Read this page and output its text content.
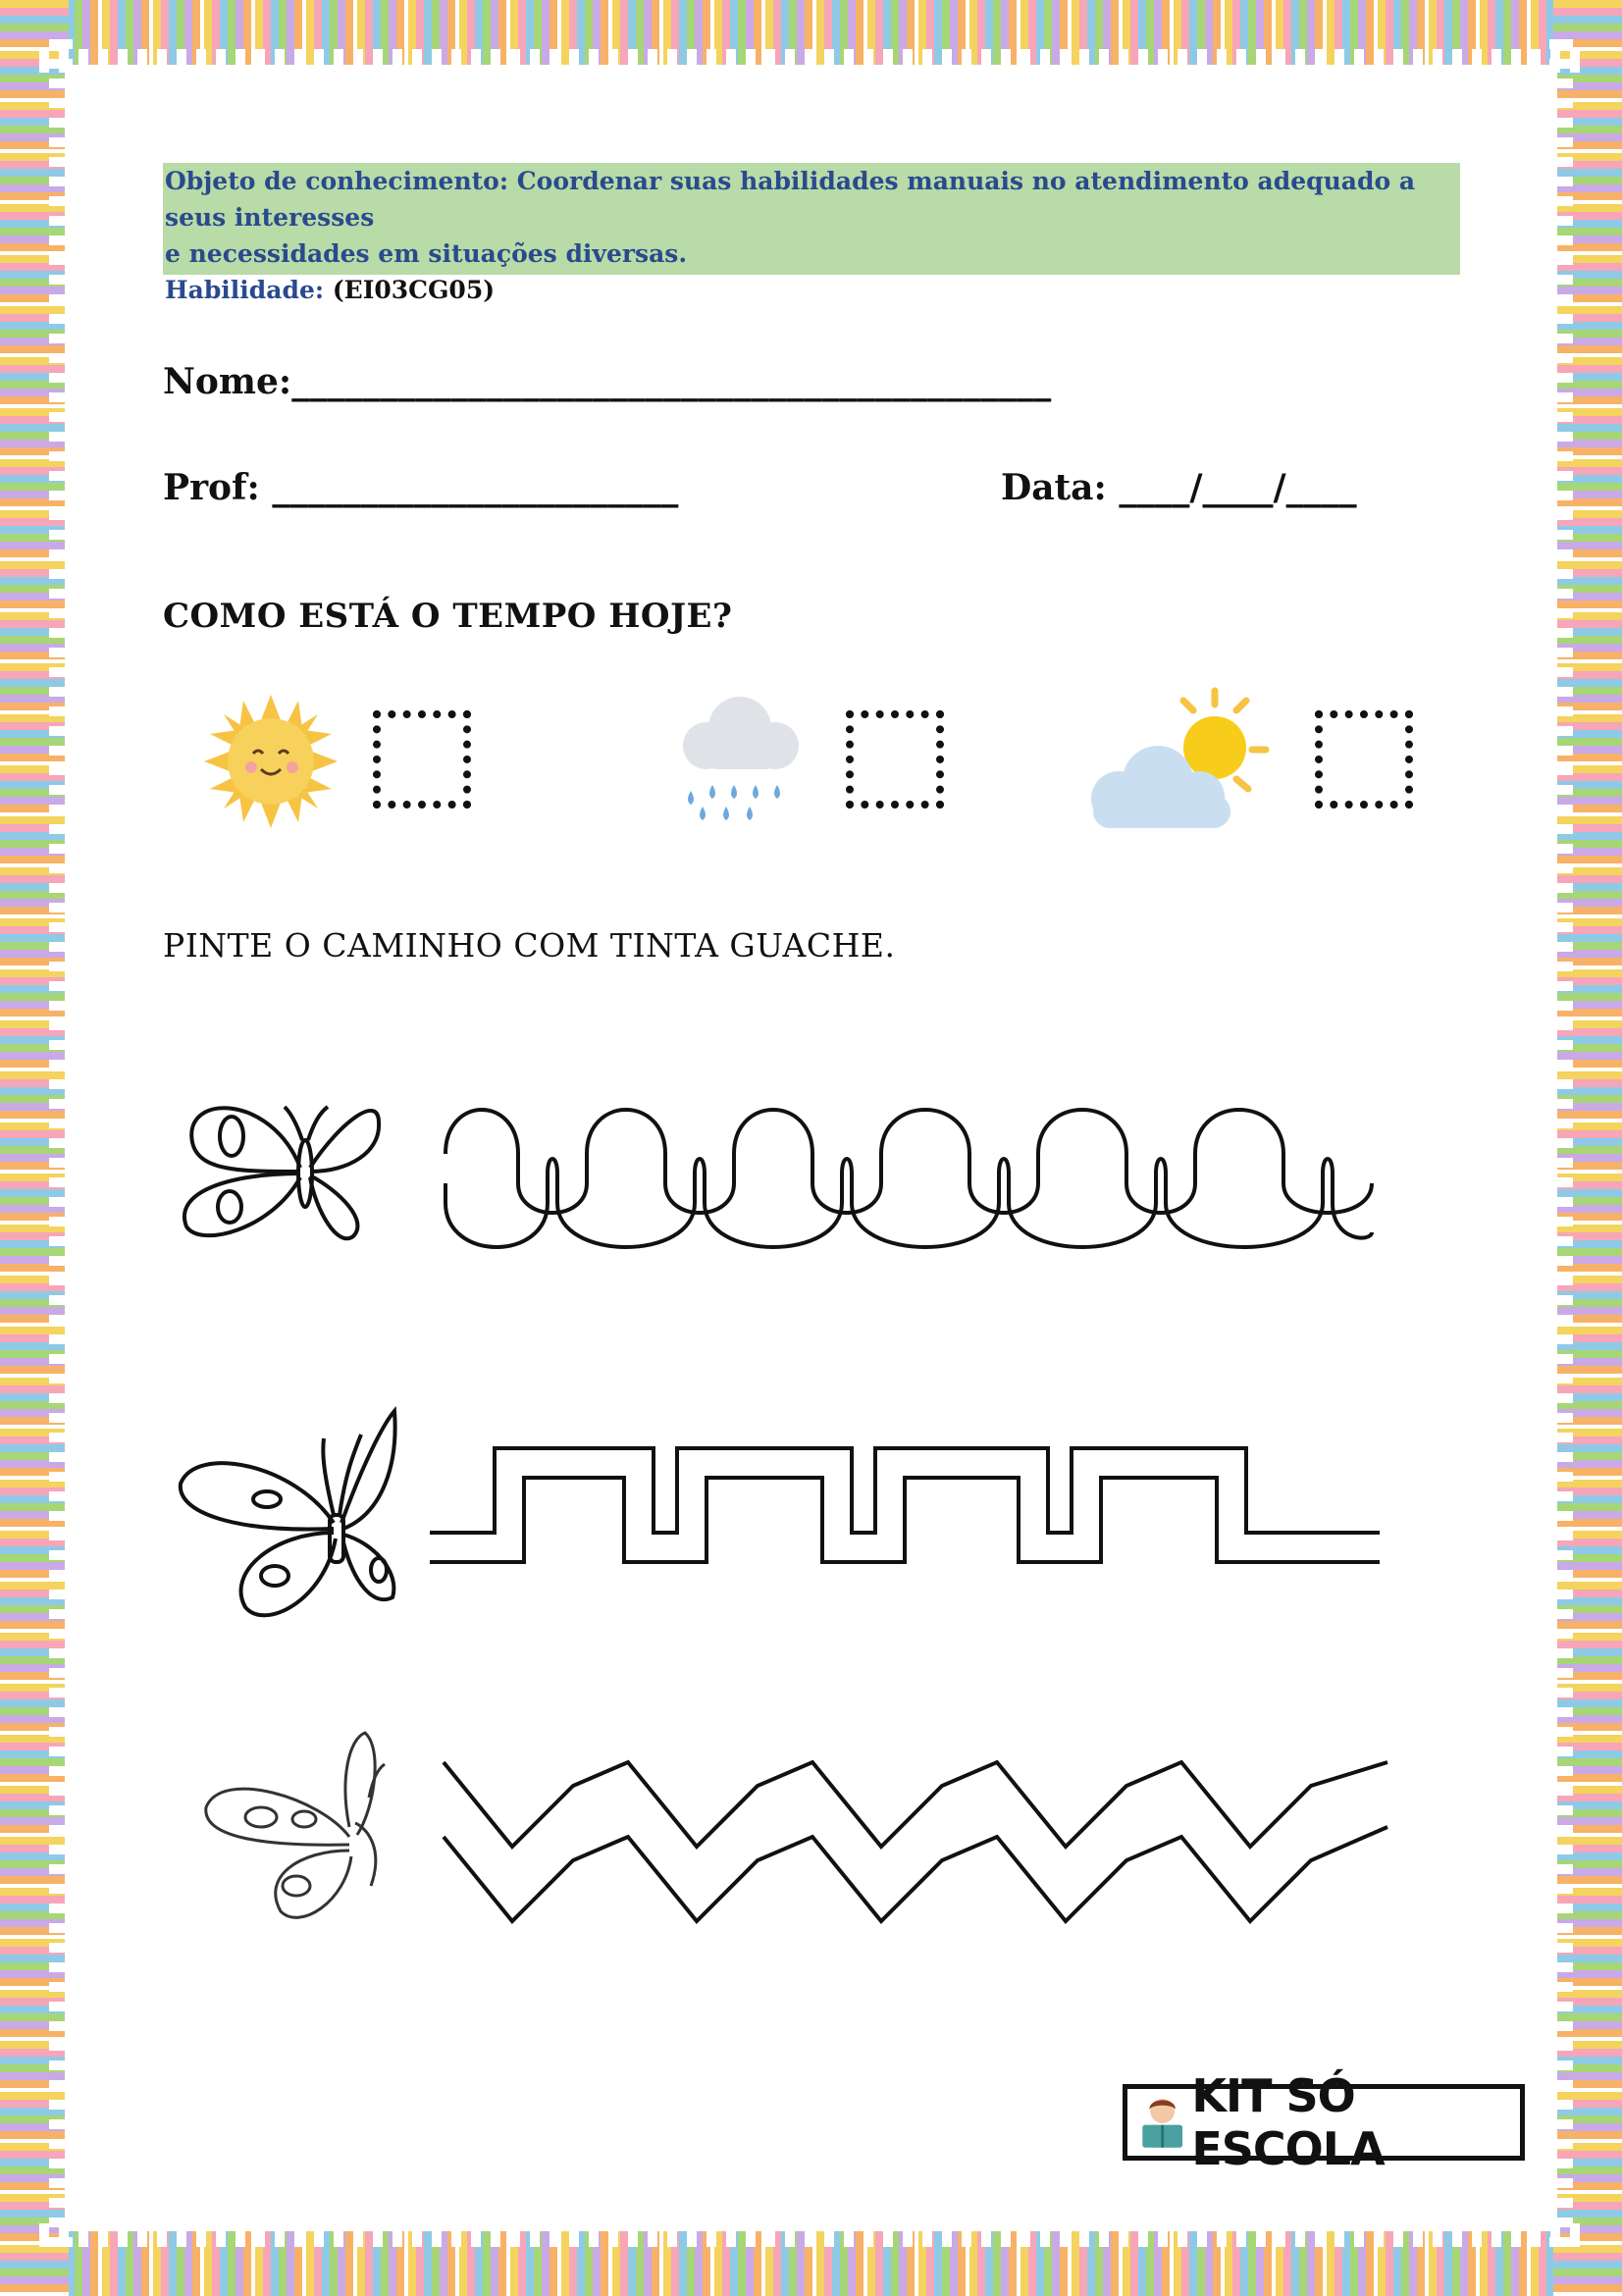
Objeto de conhecimento: Coordenar suas habilidades manuais no atendimento adequado a seus interesses
e necessidades em situações diversas.
Habilidade: (EI03CG05)
Nome:___________________________________________
Prof: _______________________	Data: ____/____/____
COMO ESTÁ O TEMPO HOJE?
PINTE O CAMINHO COM TINTA GUACHE.
KIT SÓ ESCOLA
